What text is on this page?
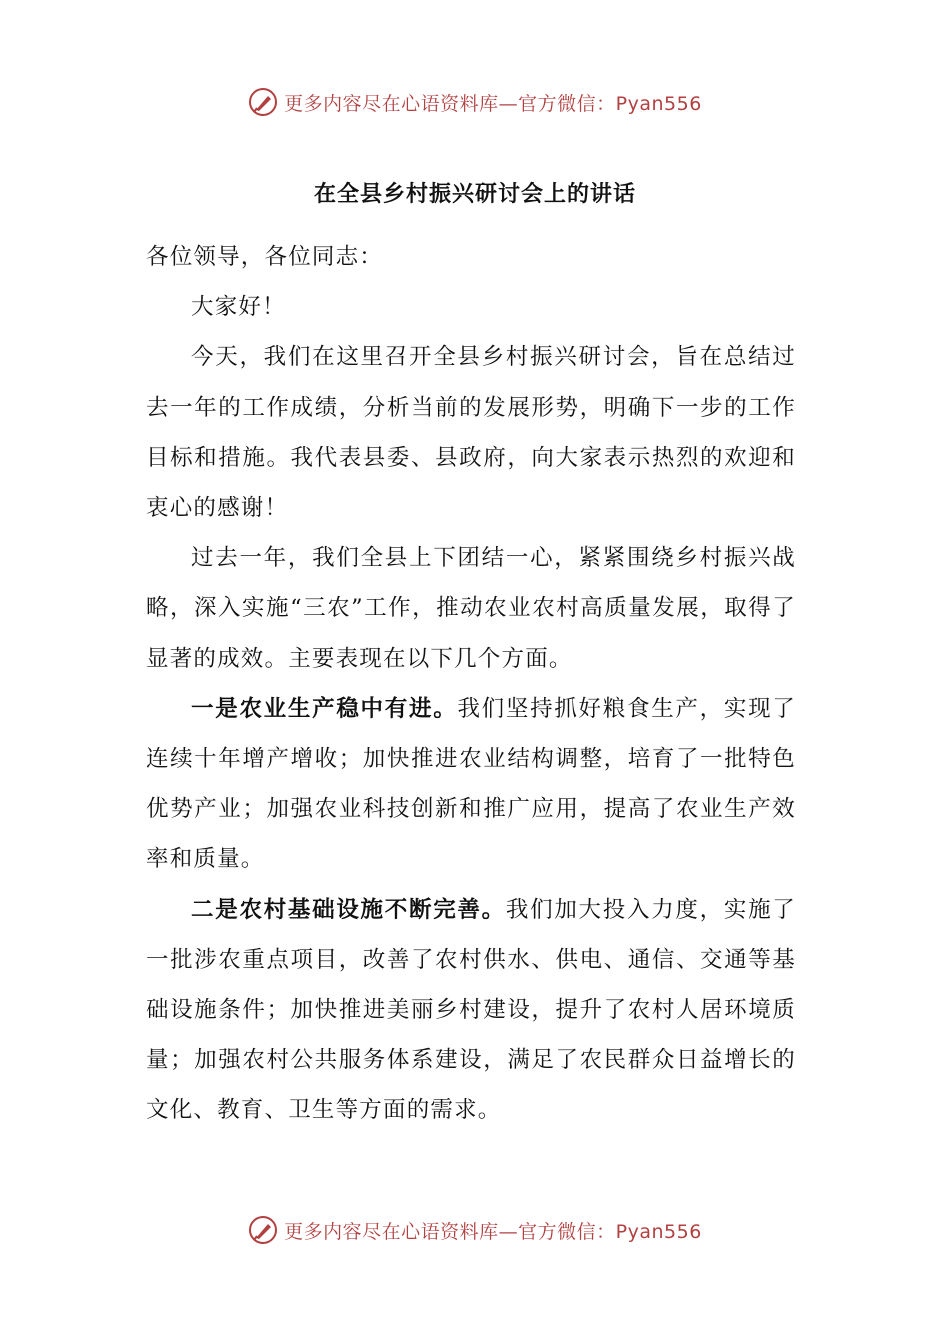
更多内容尽在心语资料库—官方微信：Pyan556
在全县乡村振兴研讨会上的讲话

各位领导，各位同志：

大家好！

今天，我们在这里召开全县乡村振兴研讨会，旨在总结过去一年的工作成绩，分析当前的发展形势，明确下一步的工作目标和措施。我代表县委、县政府，向大家表示热烈的欢迎和衷心的感谢！

过去一年，我们全县上下团结一心，紧紧围绕乡村振兴战略，深入实施“三农”工作，推动农业农村高质量发展，取得了显著的成效。主要表现在以下几个方面。

一是农业生产稳中有进。我们坚持抓好粮食生产，实现了连续十年增产增收；加快推进农业结构调整，培育了一批特色优势产业；加强农业科技创新和推广应用，提高了农业生产效率和质量。

二是农村基础设施不断完善。我们加大投入力度，实施了一批涉农重点项目，改善了农村供水、供电、通信、交通等基础设施条件；加快推进美丽乡村建设，提升了农村人居环境质量；加强农村公共服务体系建设，满足了农民群众日益增长的文化、教育、卫生等方面的需求。

更多内容尽在心语资料库—官方微信：Pyan556
